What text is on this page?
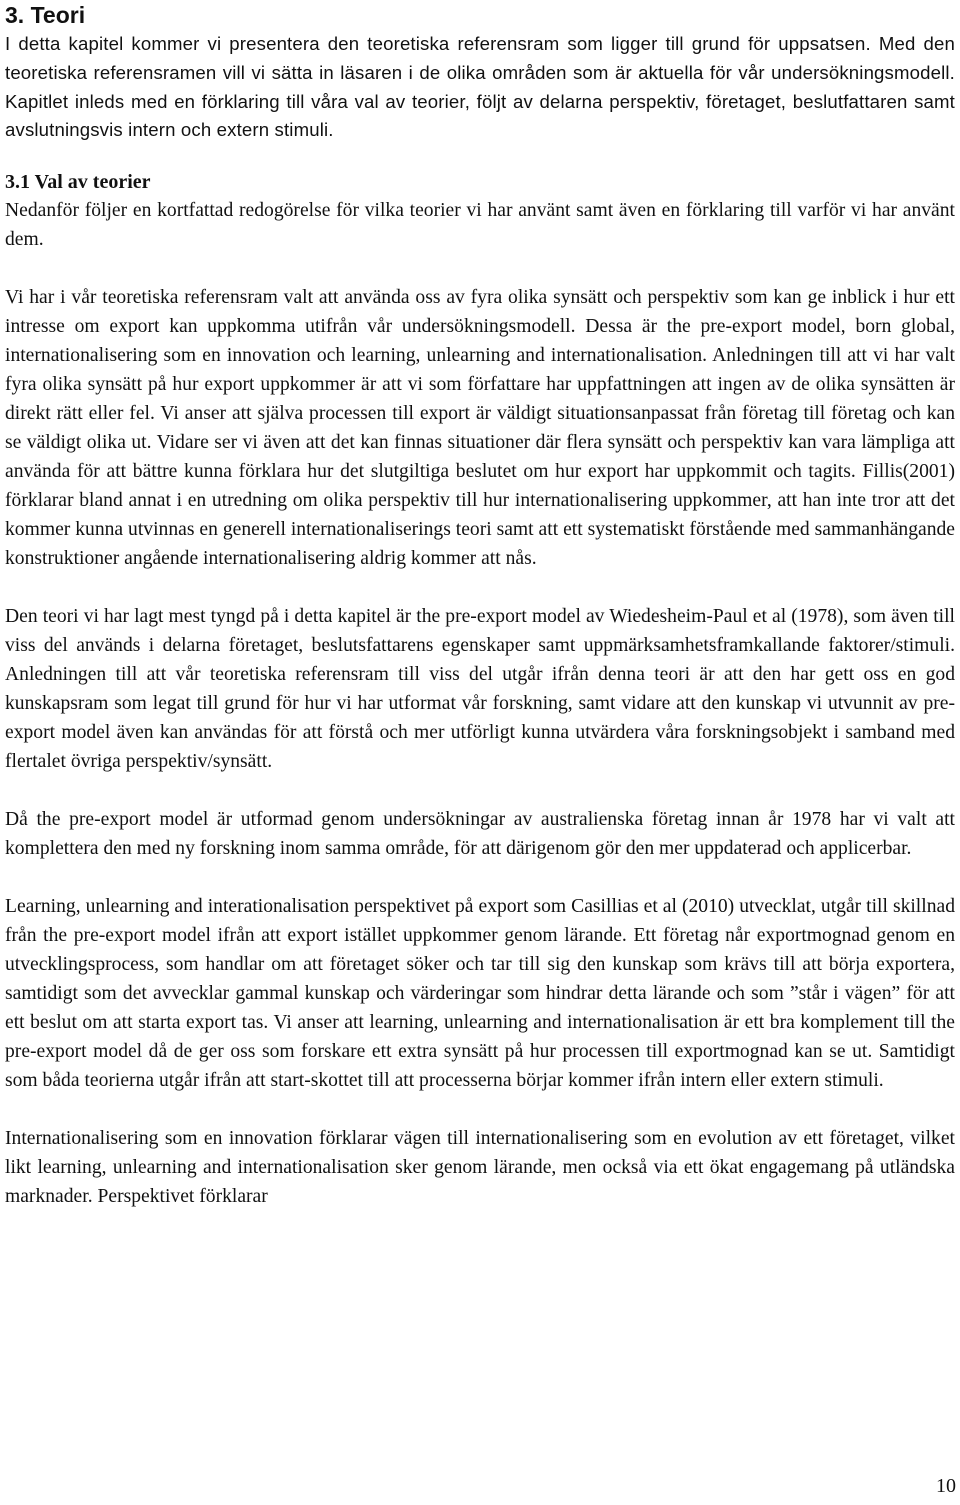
3. Teori

I detta kapitel kommer vi presentera den teoretiska referensram som ligger till grund för uppsatsen. Med den teoretiska referensramen vill vi sätta in läsaren i de olika områden som är aktuella för vår undersökningsmodell. Kapitlet inleds med en förklaring till våra val av teorier, följt av delarna perspektiv, företaget, beslutfattaren samt avslutningsvis intern och extern stimuli.

3.1 Val av teorier

Nedanför följer en kortfattad redogörelse för vilka teorier vi har använt samt även en förklaring till varför vi har använt dem.

Vi har i vår teoretiska referensram valt att använda oss av fyra olika synsätt och perspektiv som kan ge inblick i hur ett intresse om export kan uppkomma utifrån vår undersökningsmodell. Dessa är the pre-export model, born global, internationalisering som en innovation och learning, unlearning and internationalisation. Anledningen till att vi har valt fyra olika synsätt på hur export uppkommer är att vi som författare har uppfattningen att ingen av de olika synsätten är direkt rätt eller fel. Vi anser att själva processen till export är väldigt situationsanpassat från företag till företag och kan se väldigt olika ut. Vidare ser vi även att det kan finnas situationer där flera synsätt och perspektiv kan vara lämpliga att använda för att bättre kunna förklara hur det slutgiltiga beslutet om hur export har uppkommit och tagits. Fillis(2001) förklarar bland annat i en utredning om olika perspektiv till hur internationalisering uppkommer, att han inte tror att det kommer kunna utvinnas en generell internationaliserings teori samt att ett systematiskt förstående med sammanhängande konstruktioner angående internationalisering aldrig kommer att nås.

Den teori vi har lagt mest tyngd på i detta kapitel är the pre-export model av Wiedesheim-Paul et al (1978), som även till viss del används i delarna företaget, beslutsfattarens egenskaper samt uppmärksamhetsframkallande faktorer/stimuli. Anledningen till att vår teoretiska referensram till viss del utgår ifrån denna teori är att den har gett oss en god kunskapsram som legat till grund för hur vi har utformat vår forskning, samt vidare att den kunskap vi utvunnit av pre-export model även kan användas för att förstå och mer utförligt kunna utvärdera våra forskningsobjekt i samband med flertalet övriga perspektiv/synsätt.

Då the pre-export model är utformad genom undersökningar av australienska företag innan år 1978 har vi valt att komplettera den med ny forskning inom samma område, för att därigenom gör den mer uppdaterad och applicerbar.

Learning, unlearning and interationalisation perspektivet på export som Casillias et al (2010) utvecklat, utgår till skillnad från the pre-export model ifrån att export istället uppkommer genom lärande. Ett företag når exportmognad genom en utvecklingsprocess, som handlar om att företaget söker och tar till sig den kunskap som krävs till att börja exportera, samtidigt som det avvecklar gammal kunskap och värderingar som hindrar detta lärande och som ”står i vägen” för att ett beslut om att starta export tas. Vi anser att learning, unlearning and internationalisation är ett bra komplement till the pre-export model då de ger oss som forskare ett extra synsätt på hur processen till exportmognad kan se ut. Samtidigt som båda teorierna utgår ifrån att start-skottet till att processerna börjar kommer ifrån intern eller extern stimuli.

Internationalisering som en innovation förklarar vägen till internationalisering som en evolution av ett företaget, vilket likt learning, unlearning and internationalisation sker genom lärande, men också via ett ökat engagemang på utländska marknader. Perspektivet förklarar

10
